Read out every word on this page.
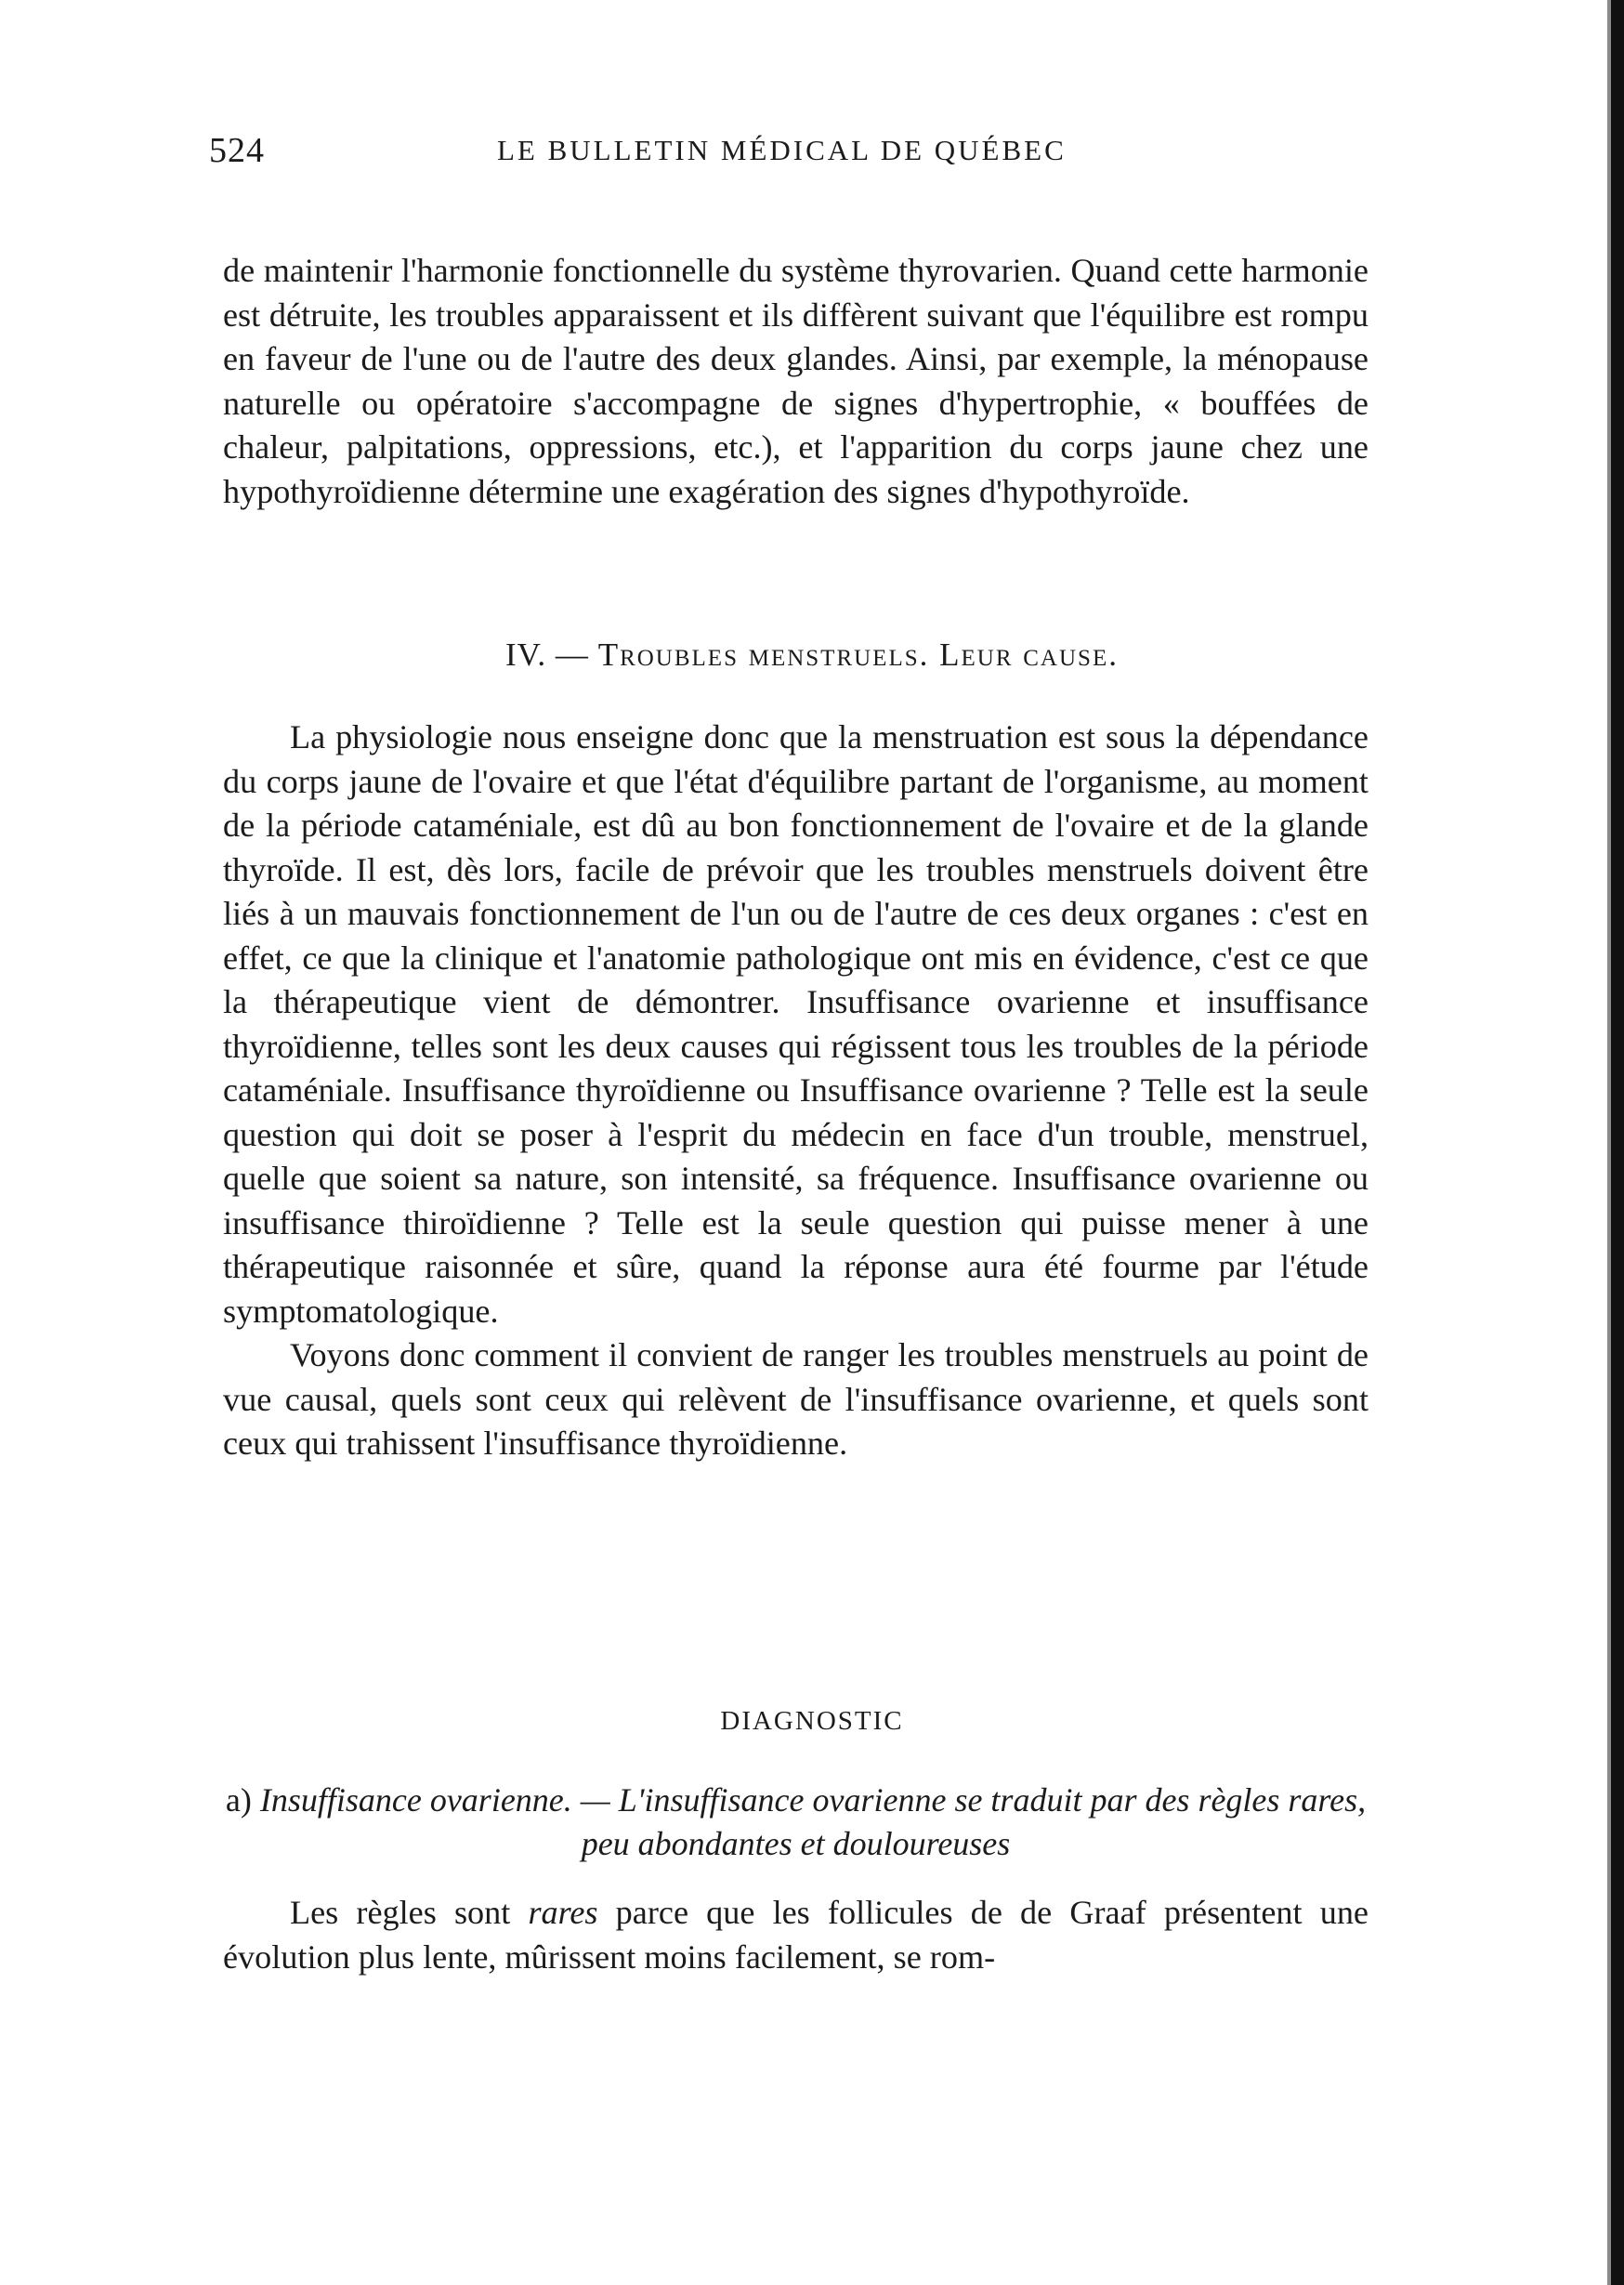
524	LE BULLETIN MÉDICAL DE QUÉBEC

de maintenir l'harmonie fonctionnelle du système thyrovarien. Quand cette harmonie est détruite, les troubles apparaissent et ils diffèrent suivant que l'équilibre est rompu en faveur de l'une ou de l'autre des deux glandes. Ainsi, par exemple, la ménopause naturelle ou opératoire s'accompagne de signes d'hypertrophie, « bouffées de chaleur, palpitations, oppressions, etc.), et l'apparition du corps jaune chez une hypothyroïdienne détermine une exagération des signes d'hypothyroïde.

IV. — Troubles menstruels. Leur cause.

La physiologie nous enseigne donc que la menstruation est sous la dépendance du corps jaune de l'ovaire et que l'état d'équilibre partant de l'organisme, au moment de la période cataméniale, est dû au bon fonctionnement de l'ovaire et de la glande thyroïde. Il est, dès lors, facile de prévoir que les troubles menstruels doivent être liés à un mauvais fonctionnement de l'un ou de l'autre de ces deux organes : c'est en effet, ce que la clinique et l'anatomie pathologique ont mis en évidence, c'est ce que la thérapeutique vient de démontrer. Insuffisance ovarienne et insuffisance thyroïdienne, telles sont les deux causes qui régissent tous les troubles de la période cataméniale. Insuffisance thyroïdienne ou Insuffisance ovarienne ? Telle est la seule question qui doit se poser à l'esprit du médecin en face d'un trouble, menstruel, quelle que soient sa nature, son intensité, sa fréquence. Insuffisance ovarienne ou insuffisance thiroïdienne ? Telle est la seule question qui puisse mener à une thérapeutique raisonnée et sûre, quand la réponse aura été fourme par l'étude symptomatologique.

Voyons donc comment il convient de ranger les troubles menstruels au point de vue causal, quels sont ceux qui relèvent de l'insuffisance ovarienne, et quels sont ceux qui trahissent l'insuffisance thyroïdienne.

DIAGNOSTIC
a) Insuffisance ovarienne. — L'insuffisance ovarienne se traduit par des règles rares, peu abondantes et douloureuses

Les règles sont rares parce que les follicules de de Graaf présentent une évolution plus lente, mûrissent moins facilement, se rom-
